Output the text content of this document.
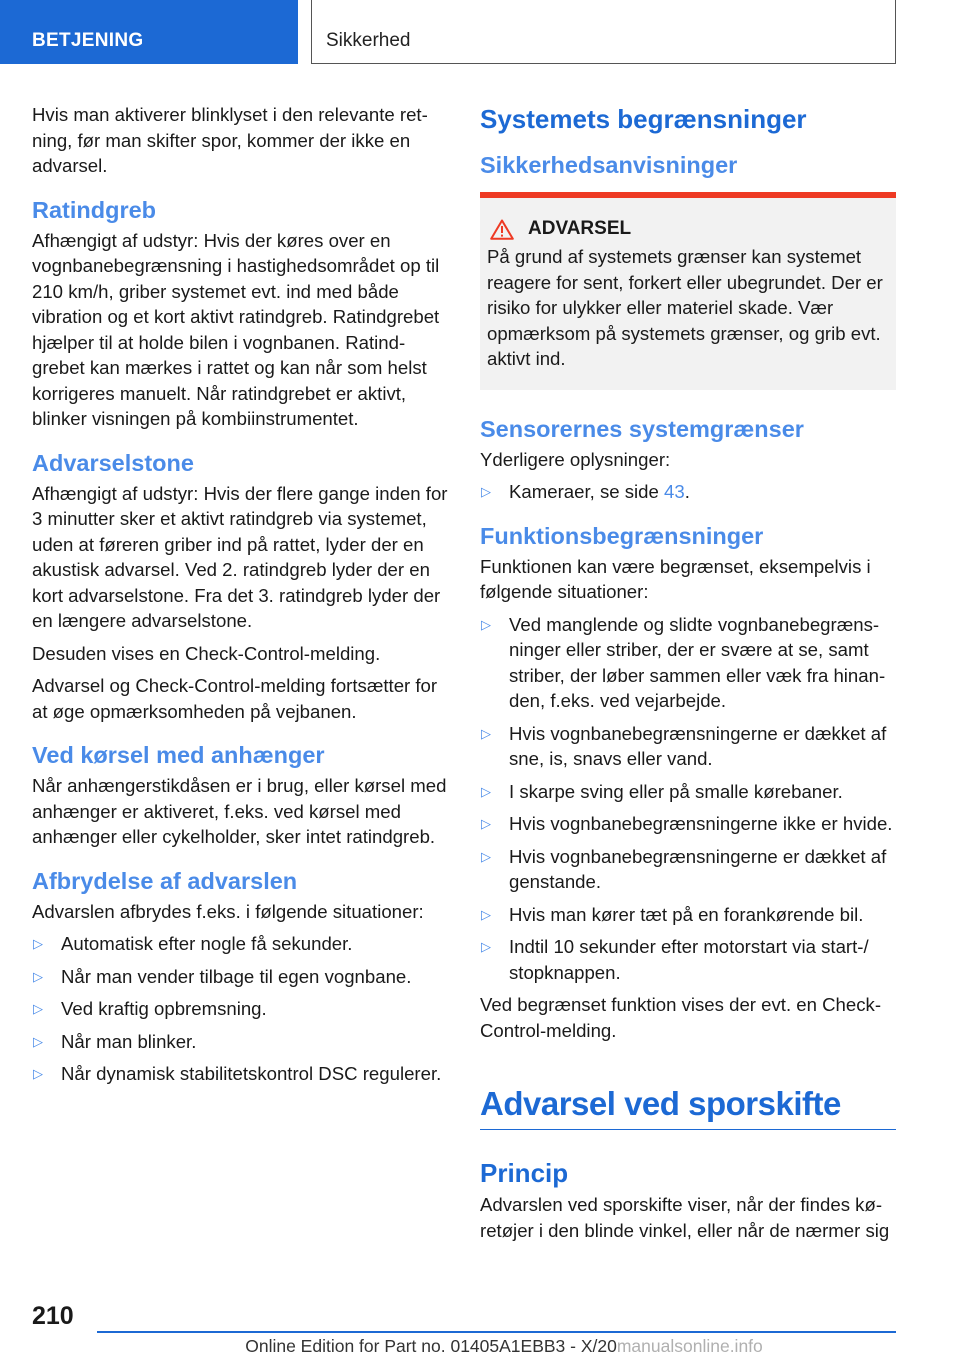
BETJENING	Sikkerhed

Hvis man aktiverer blinklyset i den relevante retning, før man skifter spor, kommer der ikke en advarsel.

Ratindgreb

Afhængigt af udstyr: Hvis der køres over en vognbanebegrænsning i hastighedsområdet op til 210 km/h, griber systemet evt. ind med både vibration og et kort aktivt ratindgreb. Ratindgrebet hjælper til at holde bilen i vognbanen. Ratindgrebet kan mærkes i rattet og kan når som helst korrigeres manuelt. Når ratindgrebet er aktivt, blinker visningen på kombiinstrumentet.

Advarselstone

Afhængigt af udstyr: Hvis der flere gange inden for 3 minutter sker et aktivt ratindgreb via systemet, uden at føreren griber ind på rattet, lyder der en akustisk advarsel. Ved 2. ratindgreb lyder der en kort advarselstone. Fra det 3. ratindgreb lyder der en længere advarselstone.

Desuden vises en Check-Control-melding.

Advarsel og Check-Control-melding fortsætter for at øge opmærksomheden på vejbanen.

Ved kørsel med anhænger

Når anhængerstikdåsen er i brug, eller kørsel med anhænger er aktiveret, f.eks. ved kørsel med anhænger eller cykelholder, sker intet ratindgreb.

Afbrydelse af advarslen

Advarslen afbrydes f.eks. i følgende situationer:

▷ Automatisk efter nogle få sekunder.
▷ Når man vender tilbage til egen vognbane.
▷ Ved kraftig opbremsning.
▷ Når man blinker.
▷ Når dynamisk stabilitetskontrol DSC regulerer.
Systemets begrænsninger
Sikkerhedsanvisninger
ADVARSEL

På grund af systemets grænser kan systemet reagere for sent, forkert eller ubegrundet. Der er risiko for ulykker eller materiel skade. Vær opmærksom på systemets grænser, og grib evt. aktivt ind.

Sensorernes systemgrænser

Yderligere oplysninger:

▷ Kameraer, se side 43.
Funktionsbegrænsninger

Funktionen kan være begrænset, eksempelvis i følgende situationer:

▷ Ved manglende og slidte vognbanebegrænsninger eller striber, der er svære at se, samt striber, der løber sammen eller væk fra hinanden, f.eks. ved vejarbejde.
▷ Hvis vognbanebegrænsningerne er dækket af sne, is, snavs eller vand.
▷ I skarpe sving eller på smalle kørebaner.
▷ Hvis vognbanebegrænsningerne ikke er hvide.
▷ Hvis vognbanebegrænsningerne er dækket af genstande.
▷ Hvis man kører tæt på en forankørende bil.
▷ Indtil 10 sekunder efter motorstart via start-/ stopknappen.

Ved begrænset funktion vises der evt. en Check-Control-melding.

Advarsel ved sporskifte
Princip

Advarslen ved sporskifte viser, når der findes køretøjer i den blinde vinkel, eller når de nærmer sig

210
Online Edition for Part no. 01405A1EBB3 - X/20manualsonline.info
